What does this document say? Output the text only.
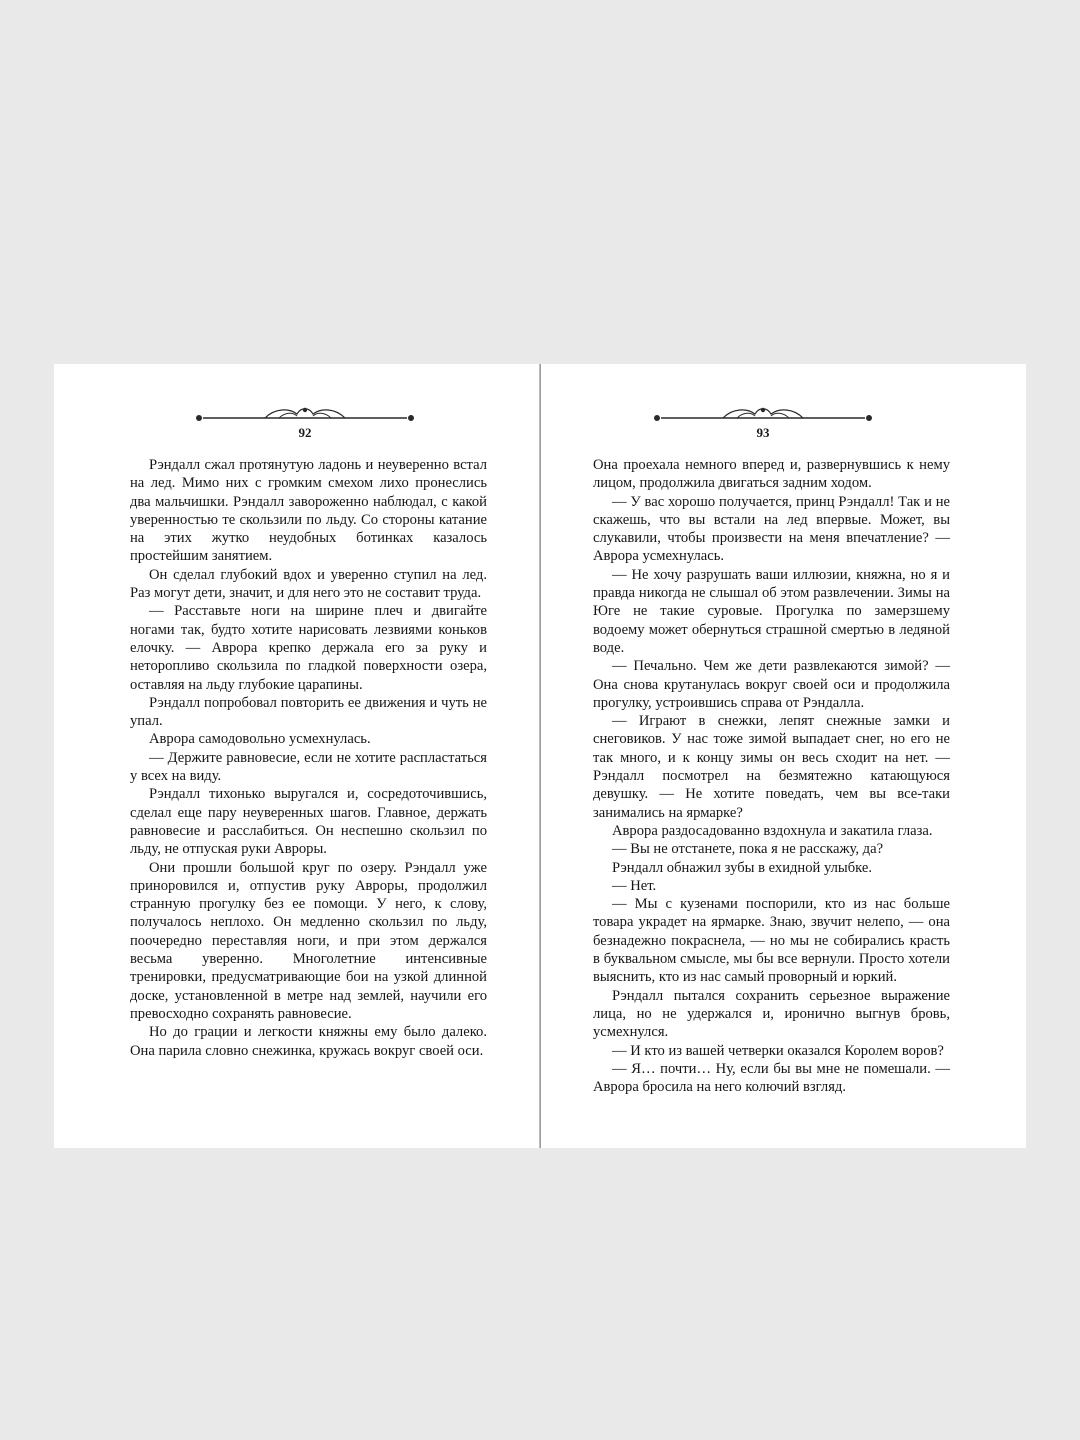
92

Рэндалл сжал протянутую ладонь и неуверенно встал на лед. Мимо них с громким смехом лихо пронеслись два мальчишки. Рэндалл завороженно наблюдал, с какой уверенностью те скользили по льду. Со стороны катание на этих жутко неудобных ботинках казалось простейшим занятием.

Он сделал глубокий вдох и уверенно ступил на лед. Раз могут дети, значит, и для него это не составит труда.

— Расставьте ноги на ширине плеч и двигайте ногами так, будто хотите нарисовать лезвиями коньков елочку. — Аврора крепко держала его за руку и неторопливо скользила по гладкой поверхности озера, оставляя на льду глубокие царапины.

Рэндалл попробовал повторить ее движения и чуть не упал.

Аврора самодовольно усмехнулась.

— Держите равновесие, если не хотите распластаться у всех на виду.

Рэндалл тихонько выругался и, сосредоточившись, сделал еще пару неуверенных шагов. Главное, держать равновесие и расслабиться. Он неспешно скользил по льду, не отпуская руки Авроры.

Они прошли большой круг по озеру. Рэндалл уже приноровился и, отпустив руку Авроры, продолжил странную прогулку без ее помощи. У него, к слову, получалось неплохо. Он медленно скользил по льду, поочередно переставляя ноги, и при этом держался весьма уверенно. Многолетние интенсивные тренировки, предусматривающие бои на узкой длинной доске, установленной в метре над землей, научили его превосходно сохранять равновесие.

Но до грации и легкости княжны ему было далеко. Она парила словно снежинка, кружась вокруг своей оси.

93

Она проехала немного вперед и, развернувшись к нему лицом, продолжила двигаться задним ходом.

— У вас хорошо получается, принц Рэндалл! Так и не скажешь, что вы встали на лед впервые. Может, вы слукавили, чтобы произвести на меня впечатление? — Аврора усмехнулась.

— Не хочу разрушать ваши иллюзии, княжна, но я и правда никогда не слышал об этом развлечении. Зимы на Юге не такие суровые. Прогулка по замерзшему водоему может обернуться страшной смертью в ледяной воде.

— Печально. Чем же дети развлекаются зимой? — Она снова крутанулась вокруг своей оси и продолжила прогулку, устроившись справа от Рэндалла.

— Играют в снежки, лепят снежные замки и снеговиков. У нас тоже зимой выпадает снег, но его не так много, и к концу зимы он весь сходит на нет. — Рэндалл посмотрел на безмятежно катающуюся девушку. — Не хотите поведать, чем вы все-таки занимались на ярмарке?

Аврора раздосадованно вздохнула и закатила глаза.

— Вы не отстанете, пока я не расскажу, да?

Рэндалл обнажил зубы в ехидной улыбке.

— Нет.

— Мы с кузенами поспорили, кто из нас больше товара украдет на ярмарке. Знаю, звучит нелепо, — она безнадежно покраснела, — но мы не собирались красть в буквальном смысле, мы бы все вернули. Просто хотели выяснить, кто из нас самый проворный и юркий.

Рэндалл пытался сохранить серьезное выражение лица, но не удержался и, иронично выгнув бровь, усмехнулся.

— И кто из вашей четверки оказался Королем воров?

— Я… почти… Ну, если бы вы мне не помешали. — Аврора бросила на него колючий взгляд.
